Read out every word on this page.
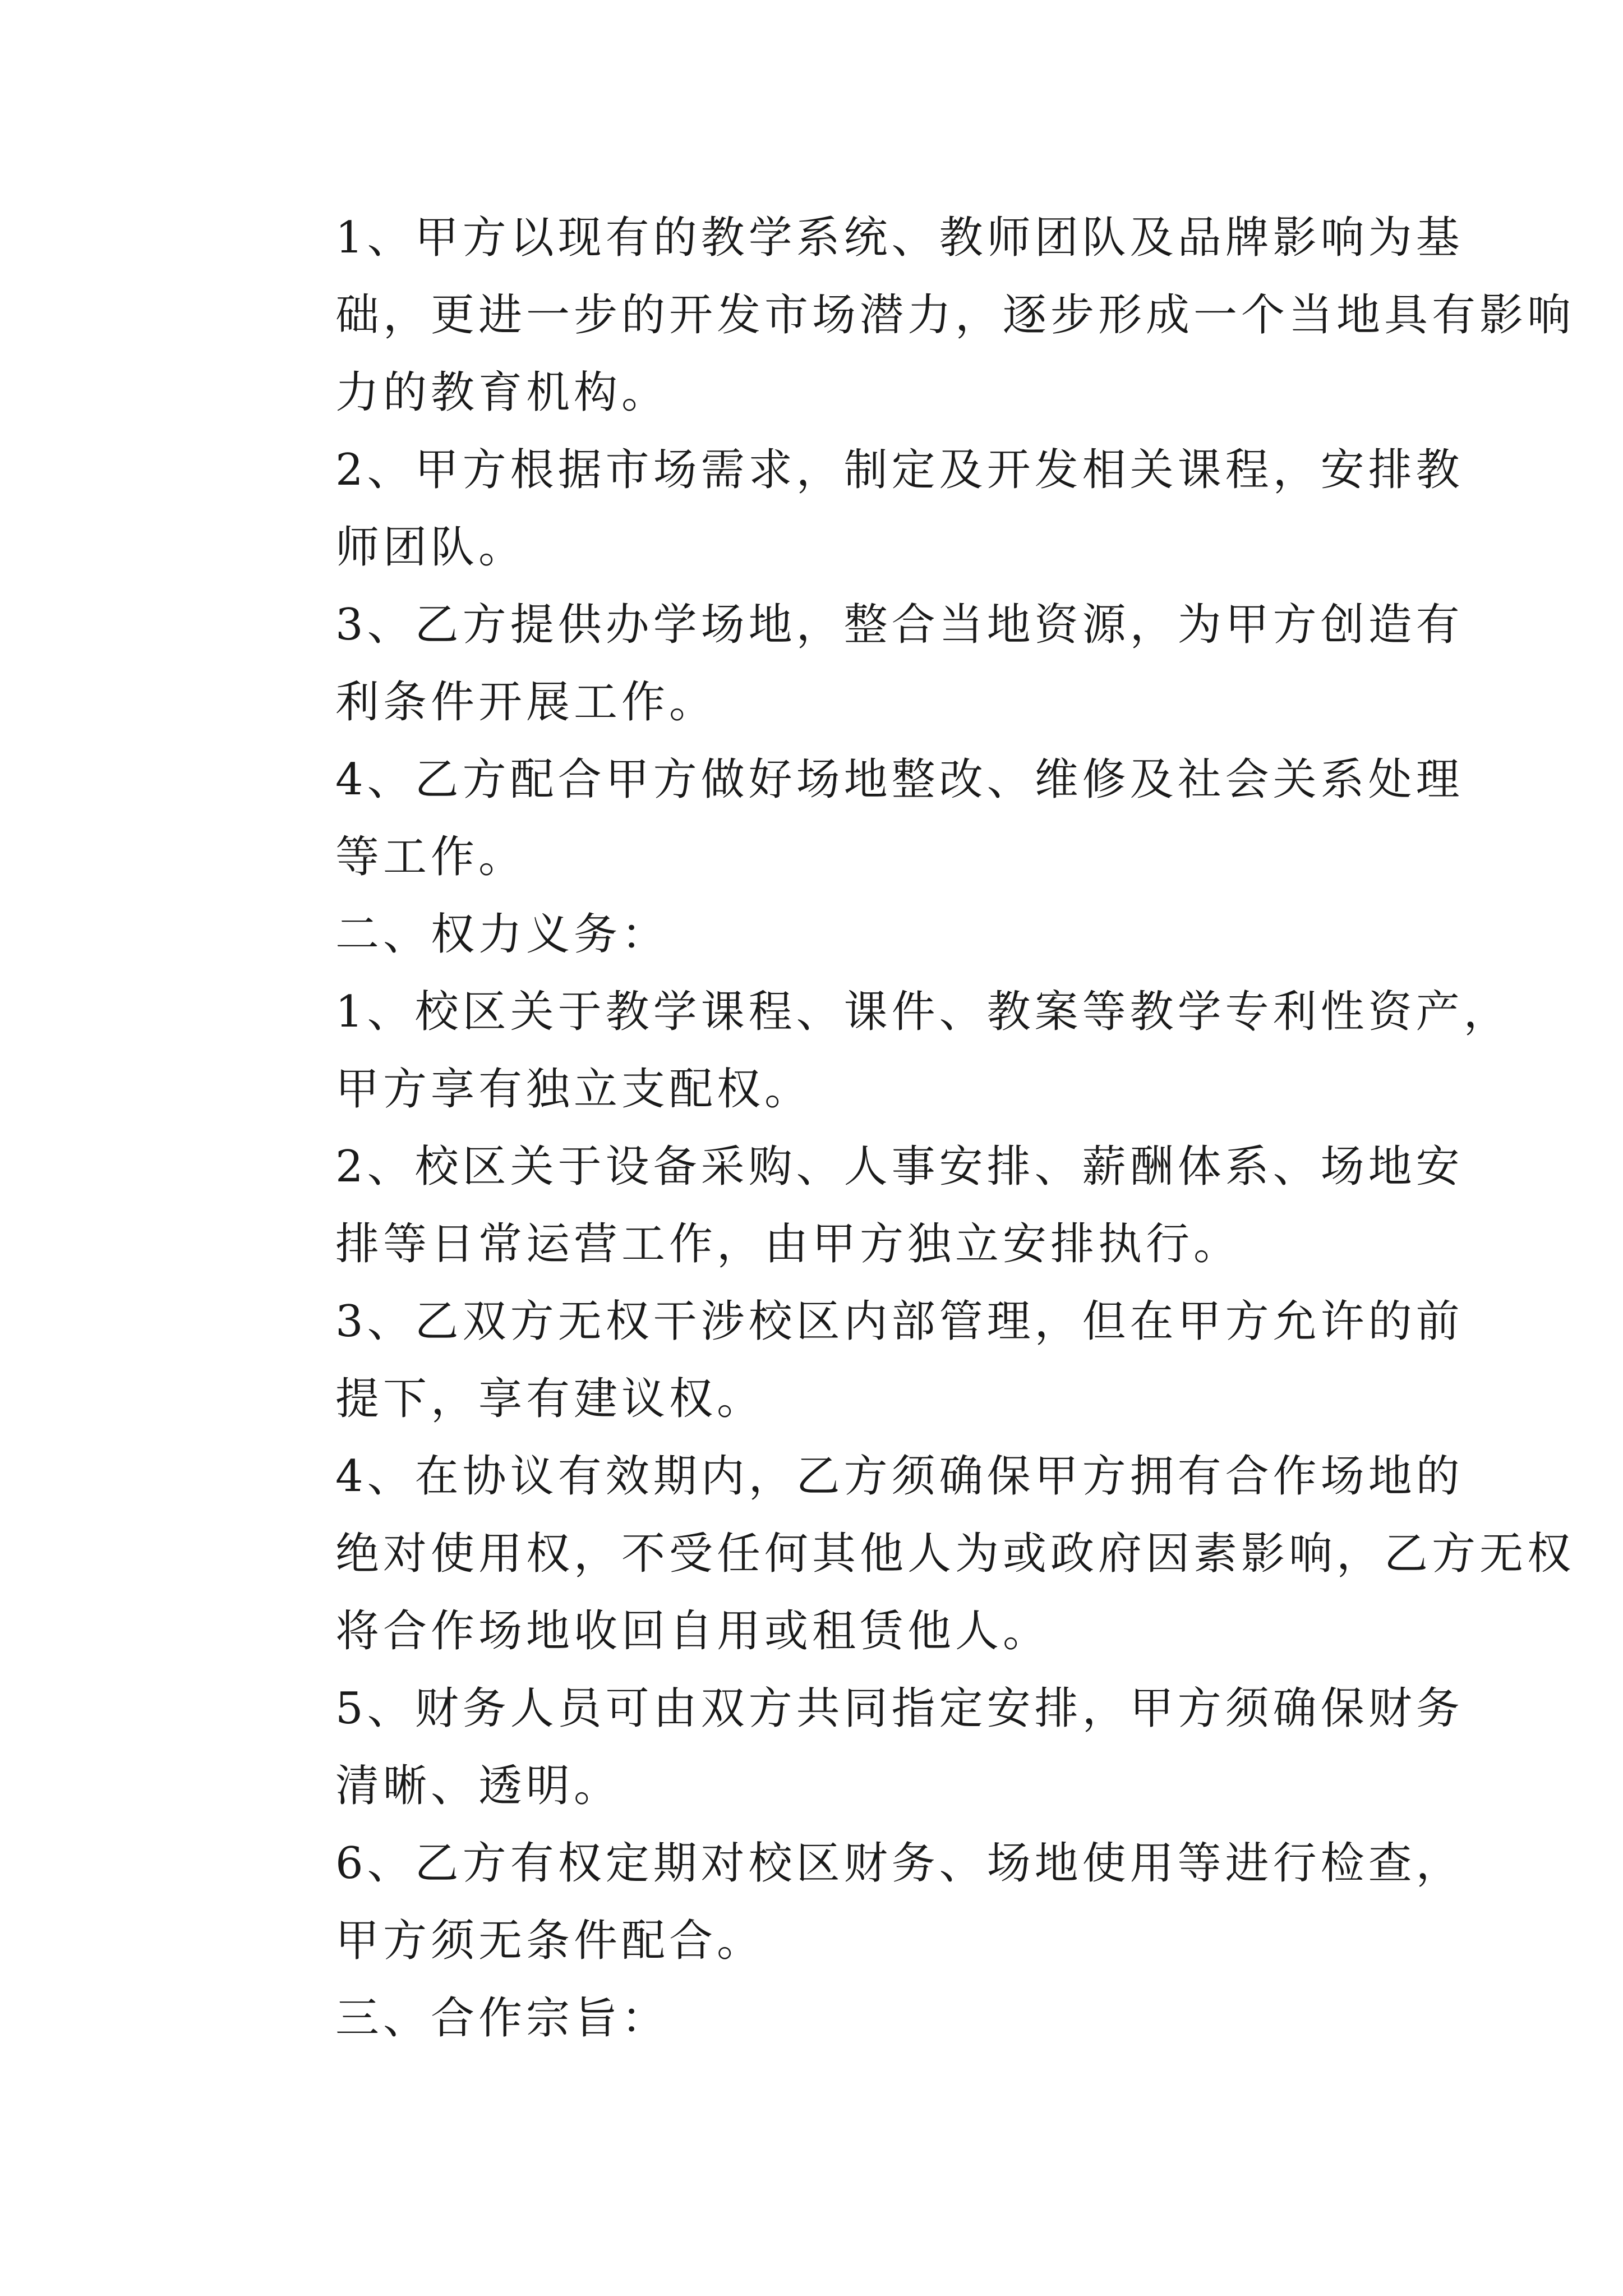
1、甲方以现有的教学系统、教师团队及品牌影响为基
础，更进一步的开发市场潜力，逐步形成一个当地具有影响
力的教育机构。

2、甲方根据市场需求，制定及开发相关课程，安排教
师团队。

3、乙方提供办学场地，整合当地资源，为甲方创造有
利条件开展工作。

4、乙方配合甲方做好场地整改、维修及社会关系处理
等工作。

二、权力义务：

1、校区关于教学课程、课件、教案等教学专利性资产，
甲方享有独立支配权。

2、校区关于设备采购、人事安排、薪酬体系、场地安
排等日常运营工作，由甲方独立安排执行。

3、乙双方无权干涉校区内部管理，但在甲方允许的前
提下，享有建议权。

4、在协议有效期内，乙方须确保甲方拥有合作场地的
绝对使用权，不受任何其他人为或政府因素影响，乙方无权
将合作场地收回自用或租赁他人。

5、财务人员可由双方共同指定安排，甲方须确保财务
清晰、透明。

6、乙方有权定期对校区财务、场地使用等进行检查，
甲方须无条件配合。

三、合作宗旨：
